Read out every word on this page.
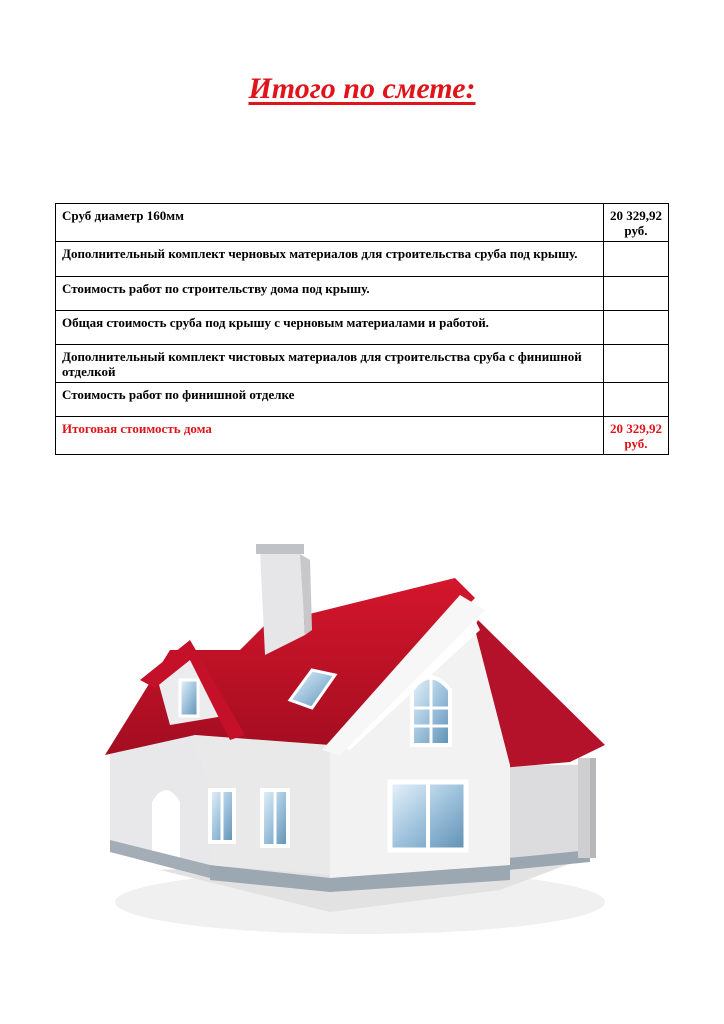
Итого по смете:
Сруб диаметр 160мм	20 329,92
руб.

Дополнительный комплект черновых материалов для строительства сруба под крышу.	

Стоимость работ по строительству дома под крышу.	

Общая стоимость сруба под крышу с черновым материалами и работой.	

Дополнительный комплект чистовых материалов для строительства сруба с финишной отделкой	

Стоимость работ по финишной отделке	

Итоговая стоимость дома	20 329,92
руб.
